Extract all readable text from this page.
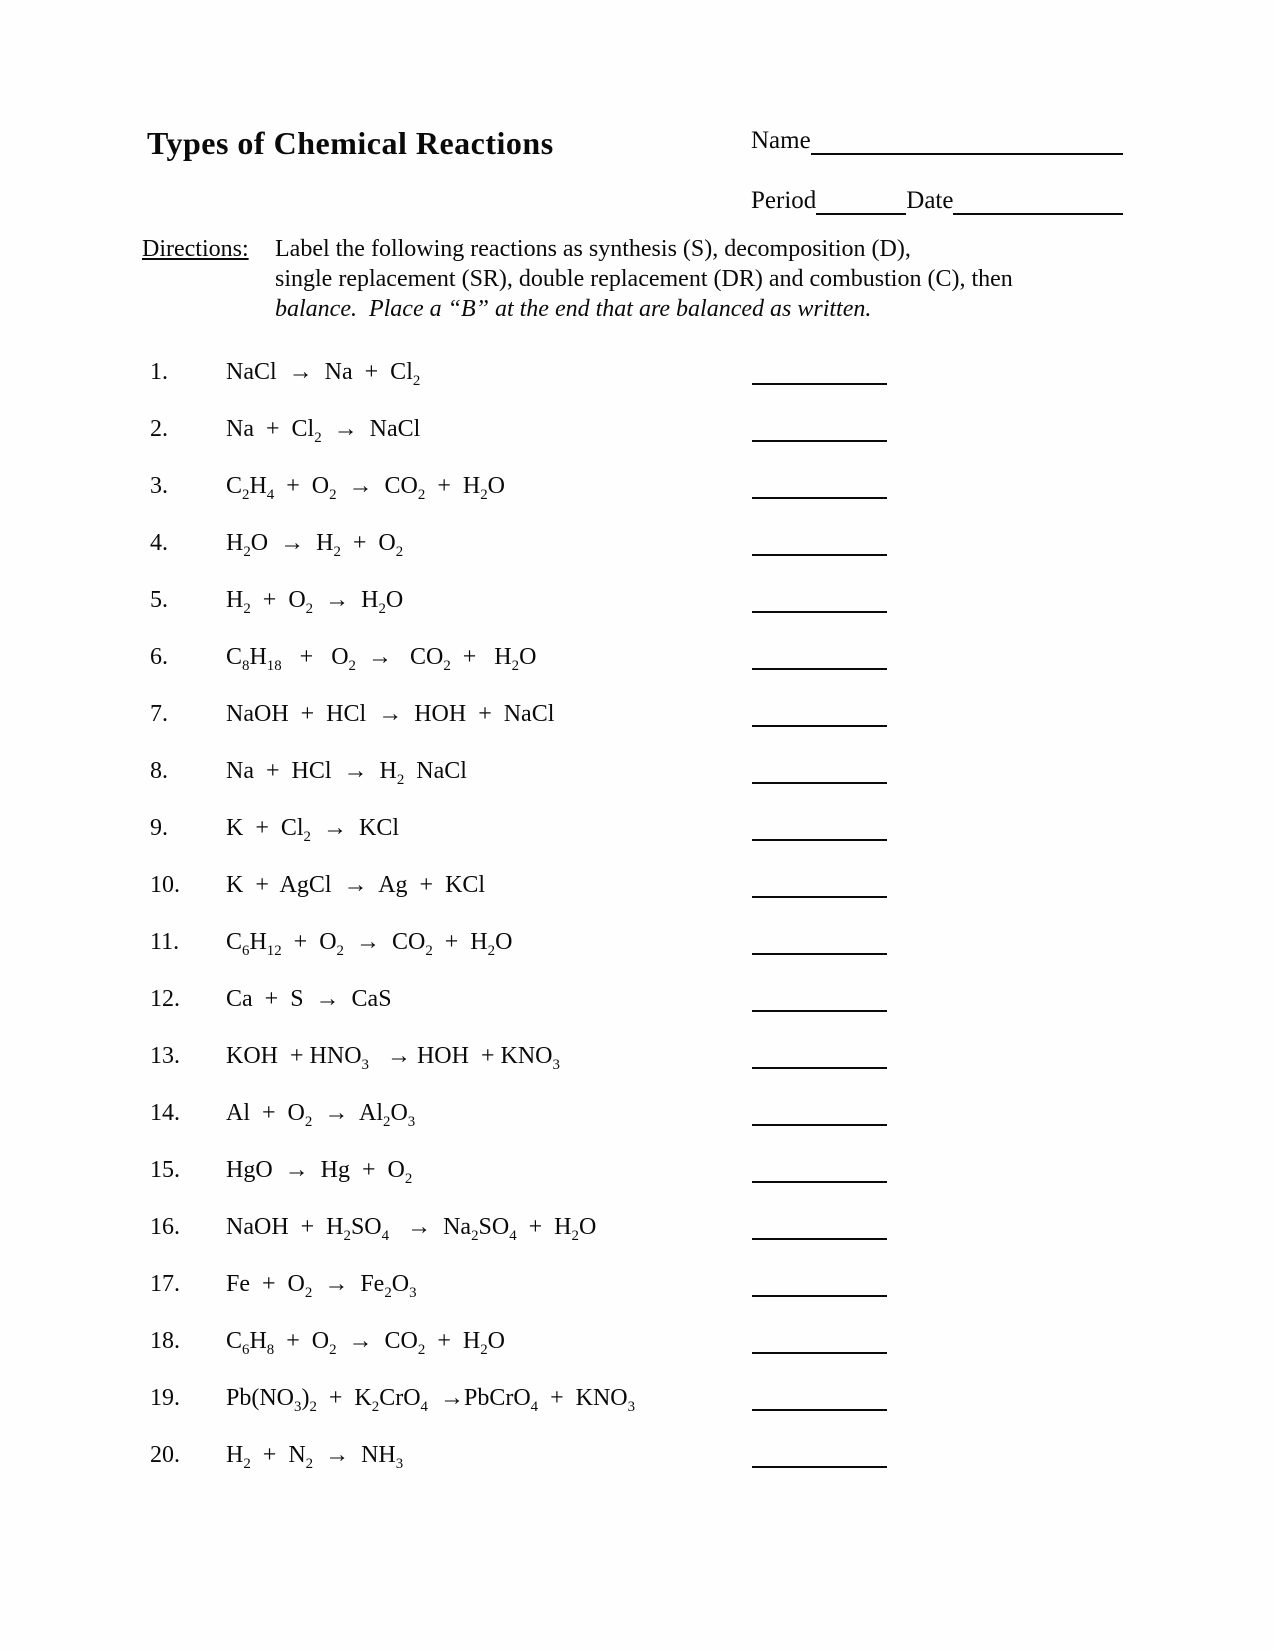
Types of Chemical Reactions	Name
Period	Date
Directions:	Label the following reactions as synthesis (S), decomposition (D),
single replacement (SR), double replacement (DR) and combustion (C), then
balance.  Place a “B” at the end that are balanced as written.
1.	NaCl  →  $Na + Cl_2$
2.	$Na + Cl_2$  →  NaCl
3.	$C_2H_4 + O_2 \to CO_2 + H_2O$
4.	$H_2O \to H_2 + O_2$
5.	$H_2 + O_2 \to H_2O$
6.	$C_8H_{18} + O_2 \to CO_2 + H_2O$
7.	NaOH  +  HCl  →  HOH  +  NaCl
8.	Na  +  HCl  →  $H_2$  NaCl
9.	$K + Cl_2$  →  KCl
10.	K  +  AgCl  →  Ag  +  KCl
11.	$C_6H_{12} + O_2 \to CO_2 + H_2O$
12.	Ca  +  S  →  CaS
13.	KOH  + $HNO_3$   → HOH  + $KNO_3$
14.	$Al + O_2 \to Al_2O_3$
15.	HgO  →  $Hg + O_2$
16.	NaOH  +  $H_2SO_4 \to Na_2SO_4 + H_2O$
17.	$Fe + O_2 \to Fe_2O_3$
18.	$C_6H_8 + O_2 \to CO_2 + H_2O$
19.	$Pb(NO_3)_2 + K_2CrO_4$  →PbCrO$_4$  +  $KNO_3$
20.	$H_2 + N_2 \to NH_3$
